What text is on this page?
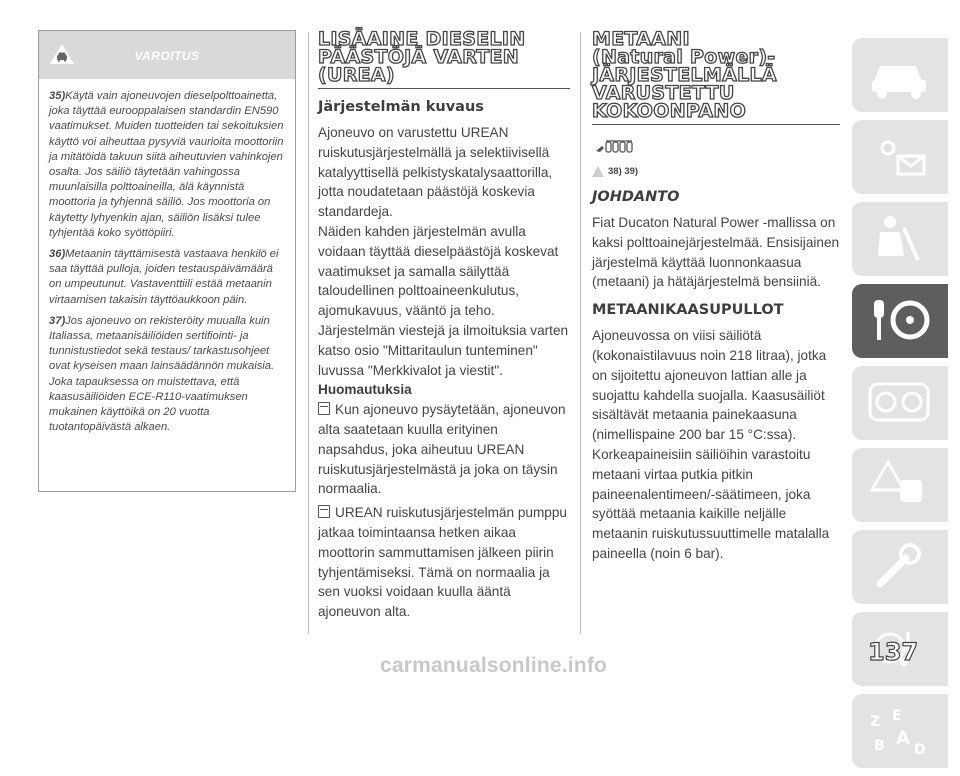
VAROITUS

35)Käytä vain ajoneuvojen dieselpolttoainetta, joka täyttää eurooppalaisen standardin EN590 vaatimukset. Muiden tuotteiden tai sekoituksien käyttö voi aiheuttaa pysyviä vaurioita moottoriin ja mitätöidä takuun siitä aiheutuvien vahinkojen osalta. Jos säiliö täytetään vahingossa muunlaisilla polttoaineilla, älä käynnistä moottoria ja tyhjennä säiliö. Jos moottoria on käytetty lyhyenkin ajan, säiliön lisäksi tulee tyhjentää koko syöttöpiiri.

36)Metaanin täyttämisestä vastaava henkilö ei saa täyttää pulloja, joiden testauspäivämäärä on umpeutunut. Vastaventtiili estää metaanin virtaamisen takaisin täyttöaukkoon päin.

37)Jos ajoneuvo on rekisteröity muualla kuin Italiassa, metaanisäiliöiden sertifiointi- ja tunnistustiedot sekä testaus/ tarkastusohjeet ovat kyseisen maan lainsäädännön mukaisia. Joka tapauksessa on muistettava, että kaasusäiliöiden ECE-R110-vaatimuksen mukainen käyttöikä on 20 vuotta tuotantopäivästä alkaen.

LISÄAINE DIESELIN
PÄÄSTÖJÄ VARTEN
(UREA)
Järjestelmän kuvaus

Ajoneuvo on varustettu UREAN ruiskutusjärjestelmällä ja selektiivisellä katalyyttisellä pelkistyskatalysaattorilla, jotta noudatetaan päästöjä koskevia standardeja.

Näiden kahden järjestelmän avulla voidaan täyttää dieselpäästöjä koskevat vaatimukset ja samalla säilyttää taloudellinen polttoaineenkulutus, ajomukavuus, vääntö ja teho. Järjestelmän viestejä ja ilmoituksia varten katso osio "Mittaritaulun tunteminen" luvussa "Merkkivalot ja viestit".

Huomautuksia

Kun ajoneuvo pysäytetään, ajoneuvon alta saatetaan kuulla erityinen napsahdus, joka aiheutuu UREAN ruiskutusjärjestelmästä ja joka on täysin normaalia.

UREAN ruiskutusjärjestelmän pumppu jatkaa toimintaansa hetken aikaa moottorin sammuttamisen jälkeen piirin tyhjentämiseksi. Tämä on normaalia ja sen vuoksi voidaan kuulla ääntä ajoneuvon alta.

METAANI
(Natural Power)-
JÄRJESTELMÄLLÄ
VARUSTETTU
KOKOONPANO
38) 39)
JOHDANTO

Fiat Ducaton Natural Power -mallissa on kaksi polttoainejärjestelmää. Ensisijainen järjestelmä käyttää luonnonkaasua (metaani) ja hätäjärjestelmä bensiiniä.

METAANIKAASUPULLOT

Ajoneuvossa on viisi säiliötä (kokonaistilavuus noin 218 litraa), jotka on sijoitettu ajoneuvon lattian alle ja suojattu kahdella suojalla. Kaasusäiliöt sisältävät metaania painekaasuna (nimellispaine 200 bar 15 °C:ssa). Korkeapaineisiin säiliöihin varastoitu metaani virtaa putkia pitkin paineenalentimeen/-säätimeen, joka syöttää metaania kaikille neljälle metaanin ruiskutussuuttimelle matalalla paineella (noin 6 bar).

Z E
B A
D
137
carmanualsonline.info
